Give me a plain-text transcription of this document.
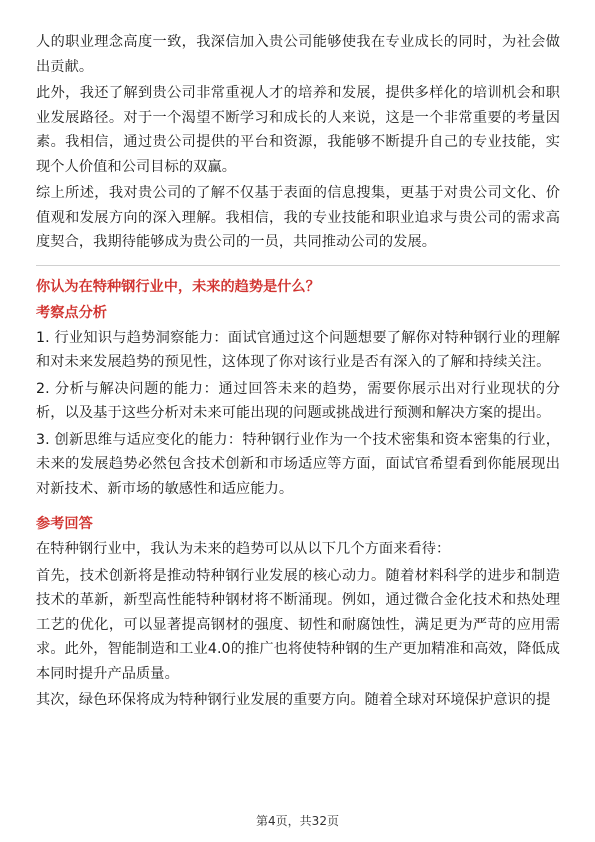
人的职业理念高度一致，我深信加入贵公司能够使我在专业成长的同时，为社会做出贡献。

此外，我还了解到贵公司非常重视人才的培养和发展，提供多样化的培训机会和职业发展路径。对于一个渴望不断学习和成长的人来说，这是一个非常重要的考量因素。我相信，通过贵公司提供的平台和资源，我能够不断提升自己的专业技能，实现个人价值和公司目标的双赢。

综上所述，我对贵公司的了解不仅基于表面的信息搜集，更基于对贵公司文化、价值观和发展方向的深入理解。我相信，我的专业技能和职业追求与贵公司的需求高度契合，我期待能够成为贵公司的一员，共同推动公司的发展。

你认为在特种钢行业中，未来的趋势是什么？
考察点分析

1. 行业知识与趋势洞察能力：面试官通过这个问题想要了解你对特种钢行业的理解和对未来发展趋势的预见性，这体现了你对该行业是否有深入的了解和持续关注。

2. 分析与解决问题的能力：通过回答未来的趋势，需要你展示出对行业现状的分析，以及基于这些分析对未来可能出现的问题或挑战进行预测和解决方案的提出。

3. 创新思维与适应变化的能力：特种钢行业作为一个技术密集和资本密集的行业，未来的发展趋势必然包含技术创新和市场适应等方面，面试官希望看到你能展现出对新技术、新市场的敏感性和适应能力。

参考回答

在特种钢行业中，我认为未来的趋势可以从以下几个方面来看待：

首先，技术创新将是推动特种钢行业发展的核心动力。随着材料科学的进步和制造技术的革新，新型高性能特种钢材将不断涌现。例如，通过微合金化技术和热处理工艺的优化，可以显著提高钢材的强度、韧性和耐腐蚀性，满足更为严苛的应用需求。此外，智能制造和工业4.0的推广也将使特种钢的生产更加精准和高效，降低成本同时提升产品质量。

其次，绿色环保将成为特种钢行业发展的重要方向。随着全球对环境保护意识的提

第4页，共32页
